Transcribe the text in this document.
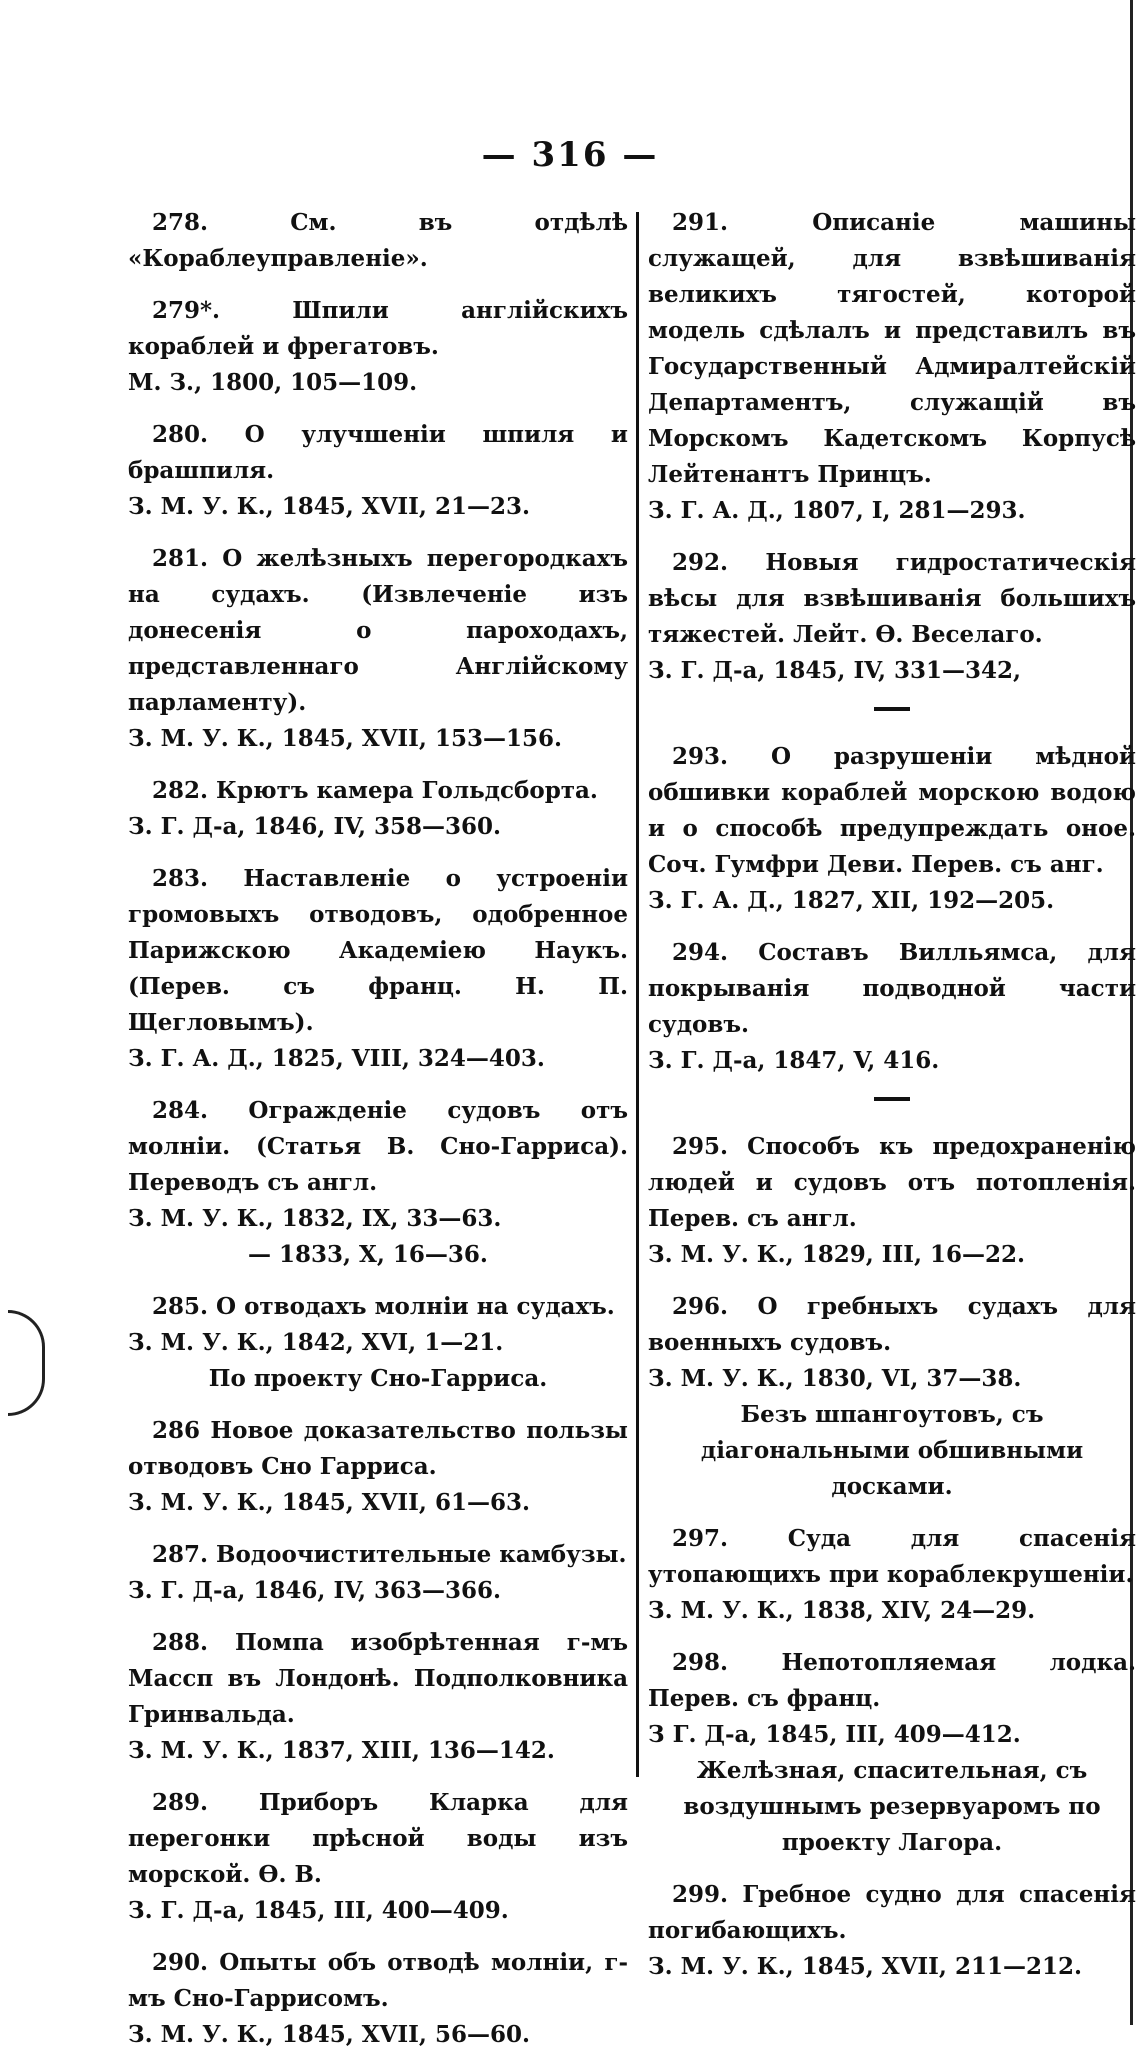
— 316 —
278. См. въ отдѣлѣ «Кораблеуправленіе».
279*. Шпили англійскихъ кораблей и фрегатовъ.
М. З., 1800, 105—109.
280. О улучшеніи шпиля и брашпиля.
З. М. У. К., 1845, XVII, 21—23.
281. О желѣзныхъ перегородкахъ на судахъ. (Извлеченіе изъ донесенія о пароходахъ, представленнаго Англійскому парламенту).
З. М. У. К., 1845, XVII, 153—156.
282. Крютъ камера Гольдсборта.
З. Г. Д-а, 1846, IV, 358—360.
283. Наставленіе о устроеніи громовыхъ отводовъ, одобренное Парижскою Академіею Наукъ. (Перев. съ франц. Н. П. Щегловымъ).
З. Г. А. Д., 1825, VIII, 324—403.
284. Огражденіе судовъ отъ молніи. (Статья В. Сно-Гарриса). Переводъ съ англ.
З. М. У. К., 1832, IX, 33—63.
— 1833, X, 16—36.
285. О отводахъ молніи на судахъ.
З. М. У. К., 1842, XVI, 1—21.
По проекту Сно-Гарриса.
286 Новое доказательство пользы отводовъ Сно Гарриса.
З. М. У. К., 1845, XVII, 61—63.
287. Водоочистительные камбузы.
З. Г. Д-а, 1846, IV, 363—366.
288. Помпа изобрѣтенная г-мъ Массп въ Лондонѣ. Подполковника Гринвальда.
З. М. У. К., 1837, XIII, 136—142.
289. Приборъ Кларка для перегонки прѣсной воды изъ морской. Ѳ. В.
З. Г. Д-а, 1845, III, 400—409.
290. Опыты объ отводѣ молніи, г-мъ Сно-Гаррисомъ.
З. М. У. К., 1845, XVII, 56—60.
291. Описаніе машины служащей, для взвѣшиванія великихъ тягостей, которой модель сдѣлалъ и представилъ въ Государственный Адмиралтейскій Департаментъ, служащій въ Морскомъ Кадетскомъ Корпусѣ Лейтенантъ Принцъ.
З. Г. А. Д., 1807, I, 281—293.
292. Новыя гидростатическія вѣсы для взвѣшиванія большихъ тяжестей. Лейт. Ѳ. Веселаго.
З. Г. Д-а, 1845, IV, 331—342,
293. О разрушеніи мѣдной обшивки кораблей морскою водою и о способѣ предупреждать оное. Соч. Гумфри Деви. Перев. съ анг.
З. Г. А. Д., 1827, XII, 192—205.
294. Составъ Вилльямса, для покрыванія подводной части судовъ.
З. Г. Д-а, 1847, V, 416.
295. Способъ къ предохраненію людей и судовъ отъ потопленія. Перев. съ англ.
З. М. У. К., 1829, III, 16—22.
296. О гребныхъ судахъ для военныхъ судовъ.
З. М. У. К., 1830, VI, 37—38.
Безъ шпангоутовъ, съ діагональными обшивными досками.
297. Суда для спасенія утопающихъ при кораблекрушеніи.
З. М. У. К., 1838, XIV, 24—29.
298. Непотопляемая лодка. Перев. съ франц.
З Г. Д-а, 1845, III, 409—412.
Желѣзная, спасительная, съ воздушнымъ резервуаромъ по проекту Лагора.
299. Гребное судно для спасенія погибающихъ.
З. М. У. К., 1845, XVII, 211—212.
